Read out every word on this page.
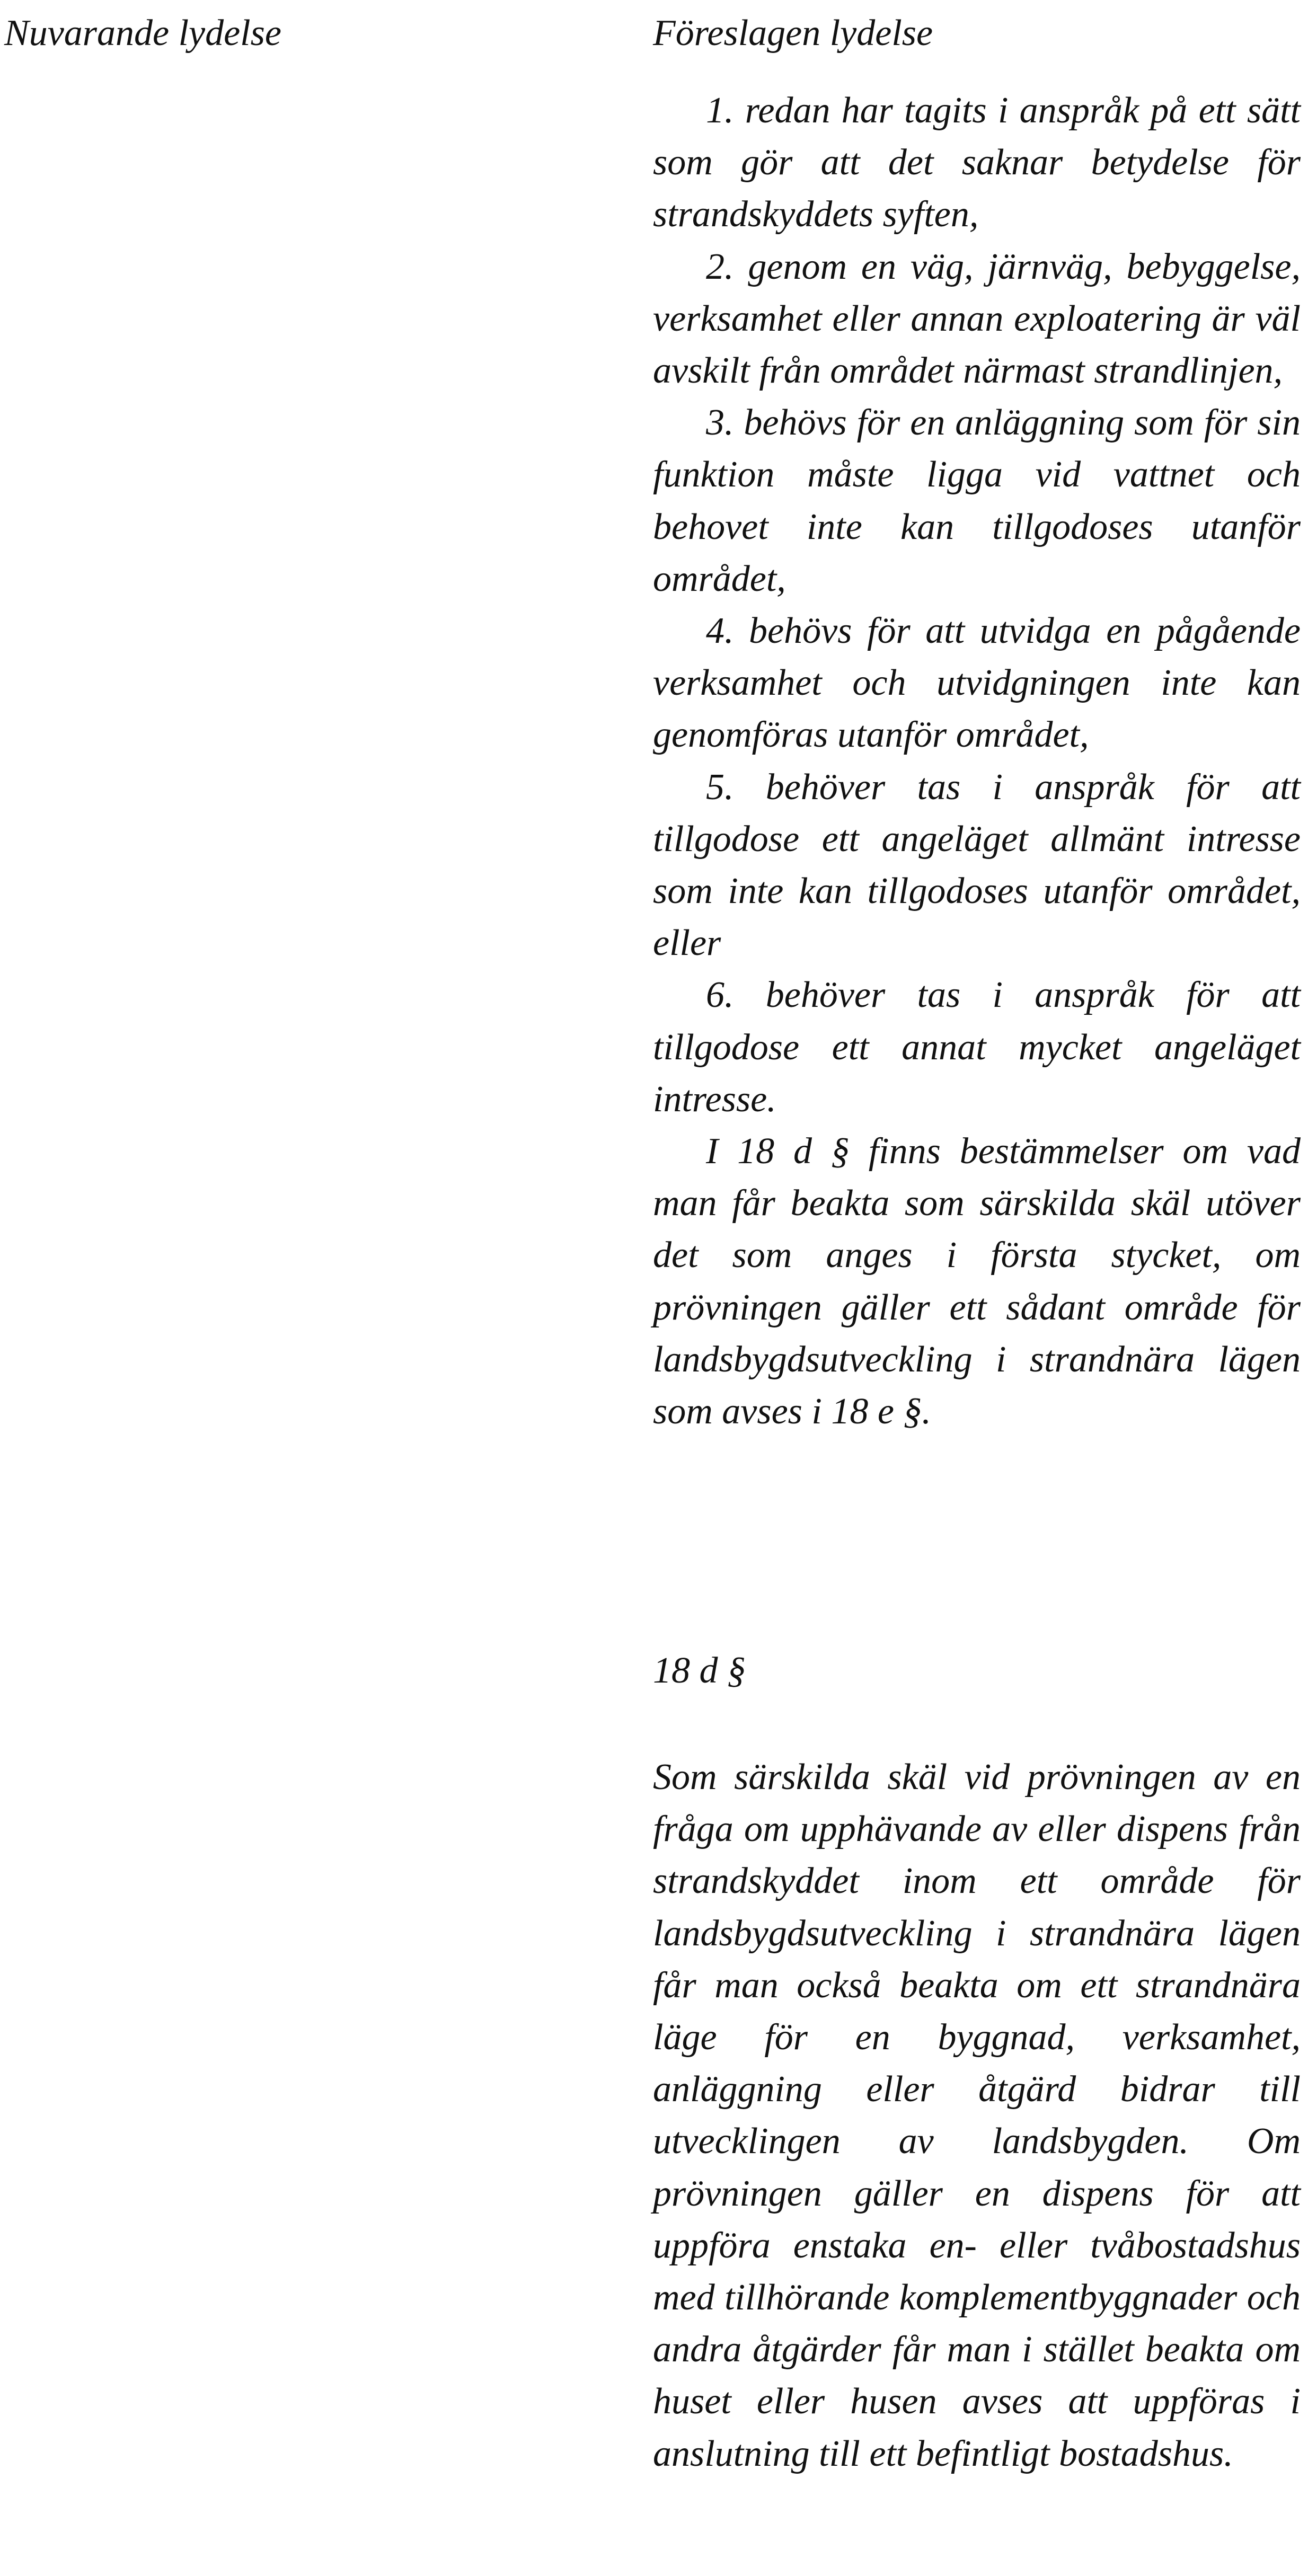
Nuvarande lydelse	Föreslagen lydelse

1. redan har tagits i anspråk på ett sätt som gör att det saknar betydelse för strandskyddets syften,

2. genom en väg, järnväg, bebyggelse, verksamhet eller annan exploatering är väl avskilt från området närmast strandlinjen,

3. behövs för en anläggning som för sin funktion måste ligga vid vattnet och behovet inte kan tillgodoses utanför området,

4. behövs för att utvidga en pågående verksamhet och utvidgningen inte kan genomföras utanför området,

5. behöver tas i anspråk för att tillgodose ett angeläget allmänt intresse som inte kan tillgodoses utanför området, eller

6. behöver tas i anspråk för att tillgodose ett annat mycket angeläget intresse.

I 18 d § finns bestämmelser om vad man får beakta som särskilda skäl utöver det som anges i första stycket, om prövningen gäller ett sådant område för landsbygdsutveckling i strandnära lägen som avses i 18 e §.

18 d §

Som särskilda skäl vid prövningen av en fråga om upphävande av eller dispens från strandskyddet inom ett område för landsbygdsutveckling i strandnära lägen får man också beakta om ett strandnära läge för en byggnad, verksamhet, anläggning eller åtgärd bidrar till utvecklingen av landsbygden. Om prövningen gäller en dispens för att uppföra enstaka en- eller tvåbostadshus med tillhörande komplementbyggnader och andra åtgärder får man i stället beakta om huset eller husen avses att uppföras i anslutning till ett befintligt bostadshus.
